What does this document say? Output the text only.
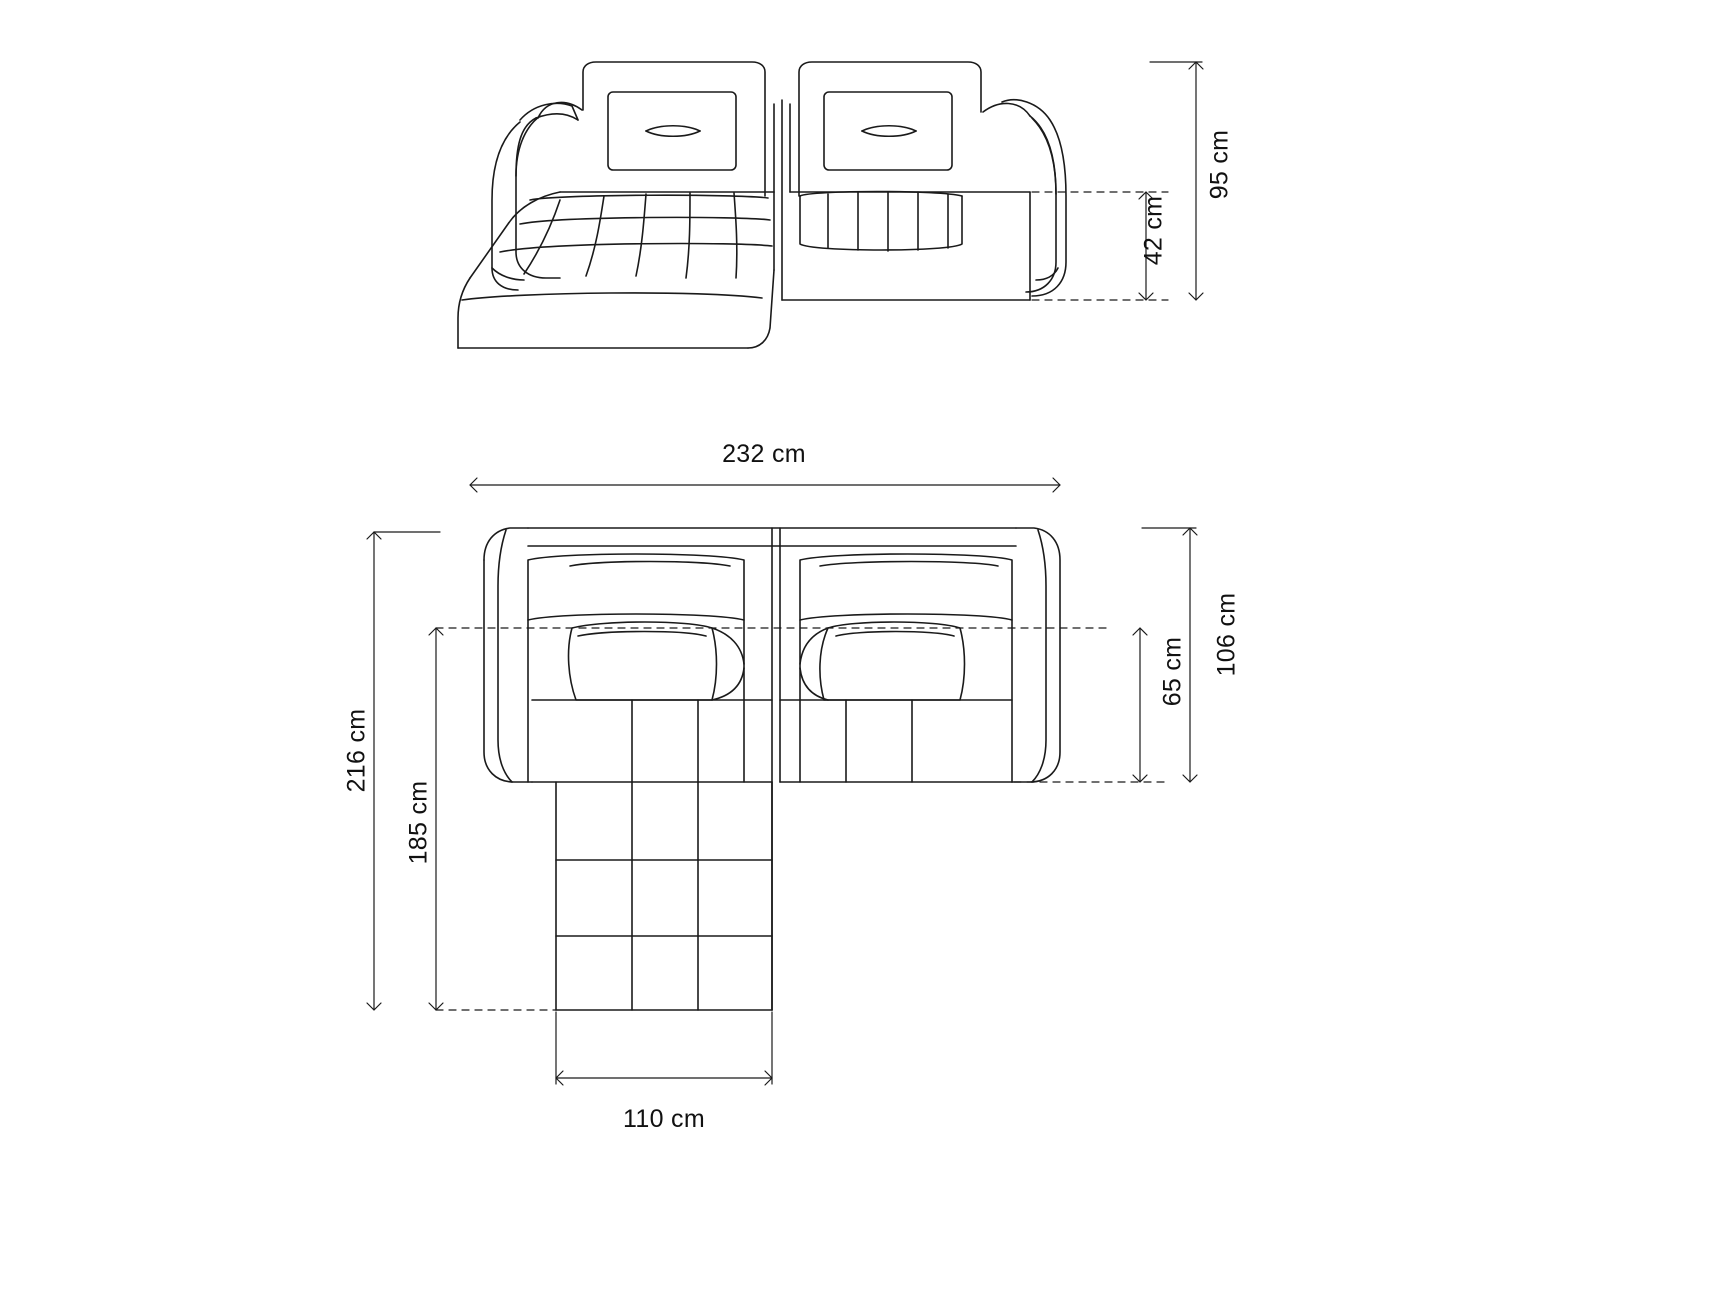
95 cm
42 cm
232 cm
216 cm
185 cm
65 cm 106 cm
110 cm
